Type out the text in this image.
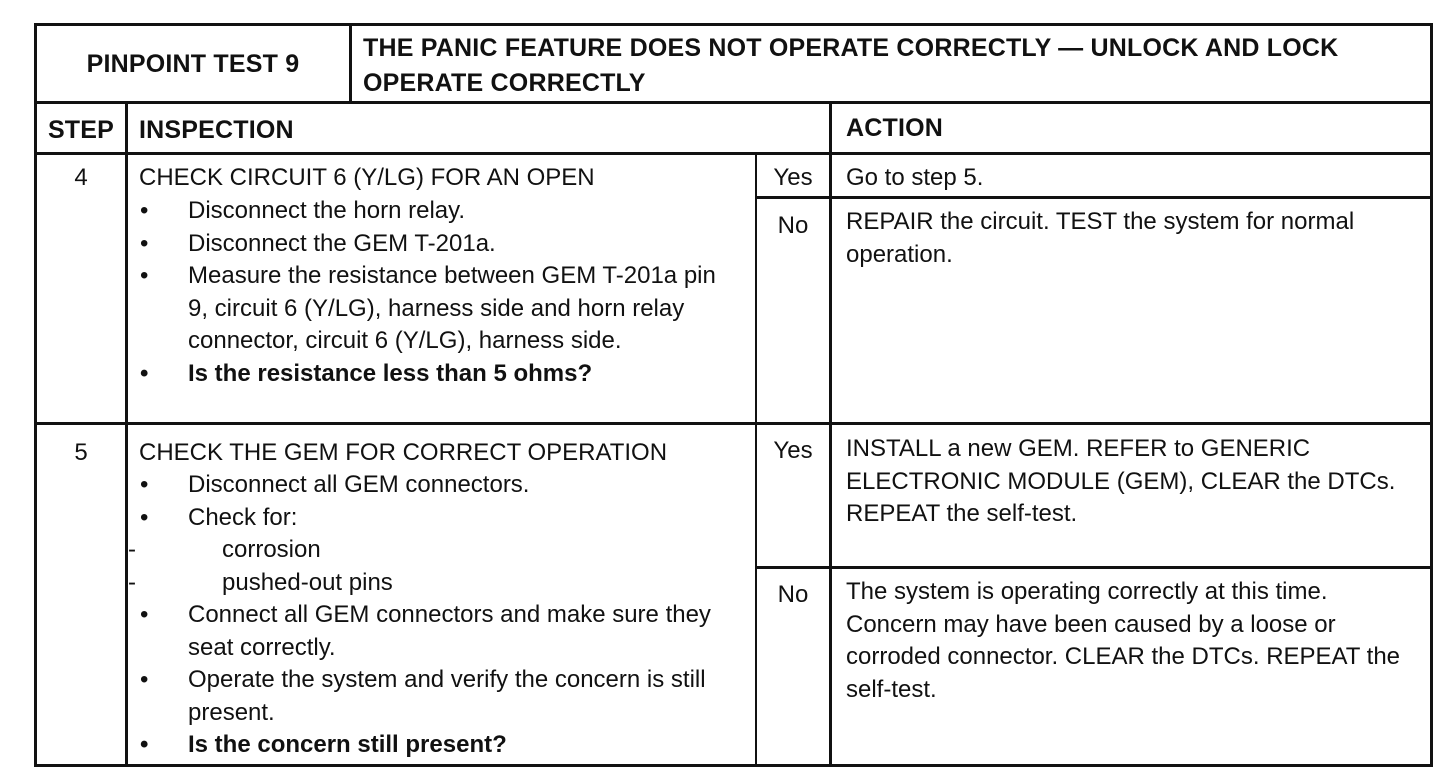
PINPOINT TEST 9
THE PANIC FEATURE DOES NOT OPERATE CORRECTLY — UNLOCK AND LOCK OPERATE CORRECTLY
STEP INSPECTION	ACTION
4	CHECK CIRCUIT 6 (Y/LG) FOR AN OPEN
• Disconnect the horn relay.
• Disconnect the GEM T-201a.
• Measure the resistance between GEM T-201a pin 9, circuit 6 (Y/LG), harness side and horn relay connector, circuit 6 (Y/LG), harness side.
• Is the resistance less than 5 ohms?
Yes	Go to step 5.
No	REPAIR the circuit. TEST the system for normal operation.
5	CHECK THE GEM FOR CORRECT OPERATION
• Disconnect all GEM connectors.
• Check for:
- corrosion
- pushed-out pins
• Connect all GEM connectors and make sure they seat correctly.
• Operate the system and verify the concern is still present.
• Is the concern still present?
Yes	INSTALL a new GEM. REFER to GENERIC ELECTRONIC MODULE (GEM), CLEAR the DTCs. REPEAT the self-test.
No	The system is operating correctly at this time. Concern may have been caused by a loose or corroded connector. CLEAR the DTCs. REPEAT the self-test.
